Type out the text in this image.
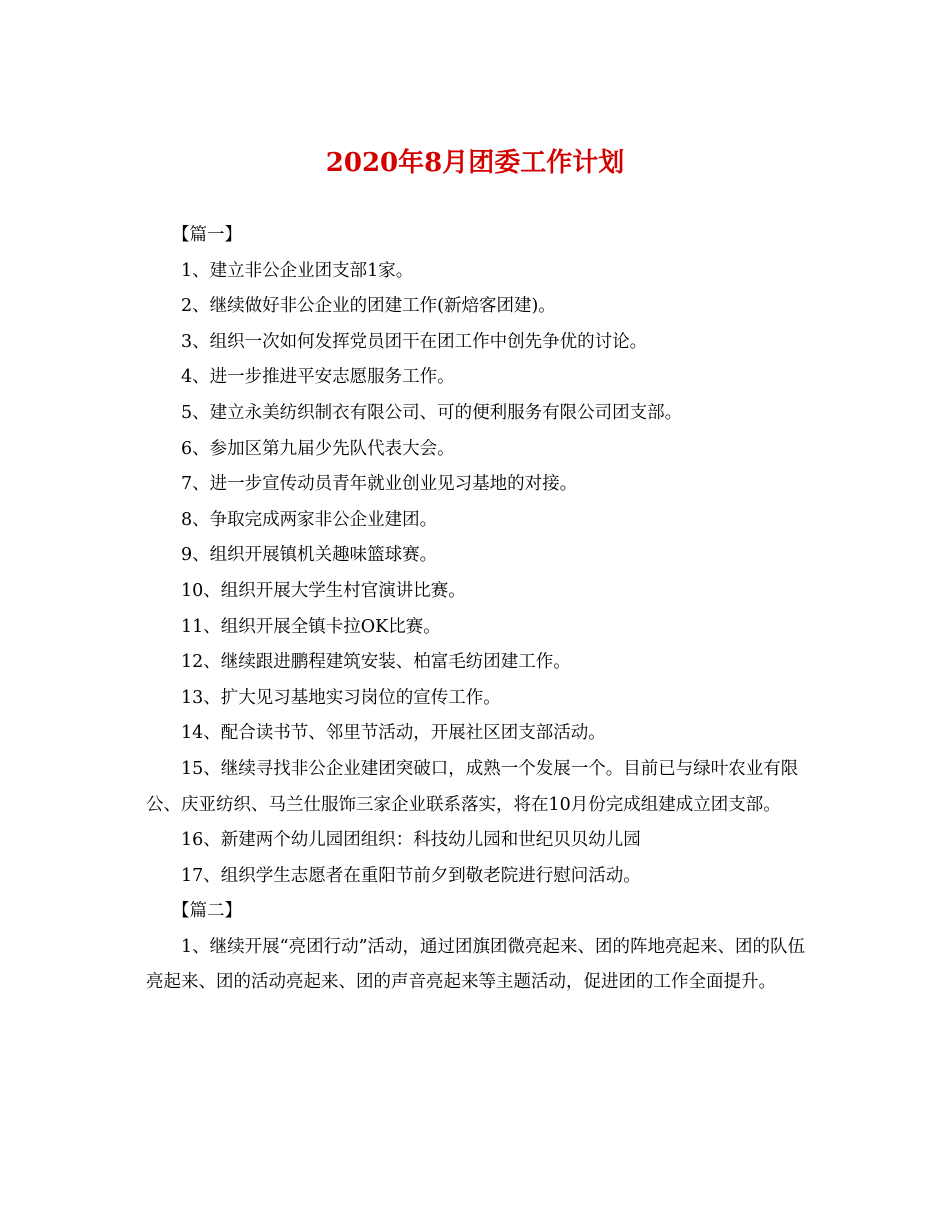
2020年8月团委工作计划

【篇一】

1、建立非公企业团支部1家。

2、继续做好非公企业的团建工作(新焙客团建)。

3、组织一次如何发挥党员团干在团工作中创先争优的讨论。

4、进一步推进平安志愿服务工作。

5、建立永美纺织制衣有限公司、可的便利服务有限公司团支部。

6、参加区第九届少先队代表大会。

7、进一步宣传动员青年就业创业见习基地的对接。

8、争取完成两家非公企业建团。

9、组织开展镇机关趣味篮球赛。

10、组织开展大学生村官演讲比赛。

11、组织开展全镇卡拉OK比赛。

12、继续跟进鹏程建筑安装、柏富毛纺团建工作。

13、扩大见习基地实习岗位的宣传工作。

14、配合读书节、邻里节活动，开展社区团支部活动。

15、继续寻找非公企业建团突破口，成熟一个发展一个。目前已与绿叶农业有限公、庆亚纺织、马兰仕服饰三家企业联系落实，将在10月份完成组建成立团支部。

16、新建两个幼儿园团组织：科技幼儿园和世纪贝贝幼儿园

17、组织学生志愿者在重阳节前夕到敬老院进行慰问活动。

【篇二】

1、继续开展“亮团行动”活动，通过团旗团微亮起来、团的阵地亮起来、团的队伍亮起来、团的活动亮起来、团的声音亮起来等主题活动，促进团的工作全面提升。
